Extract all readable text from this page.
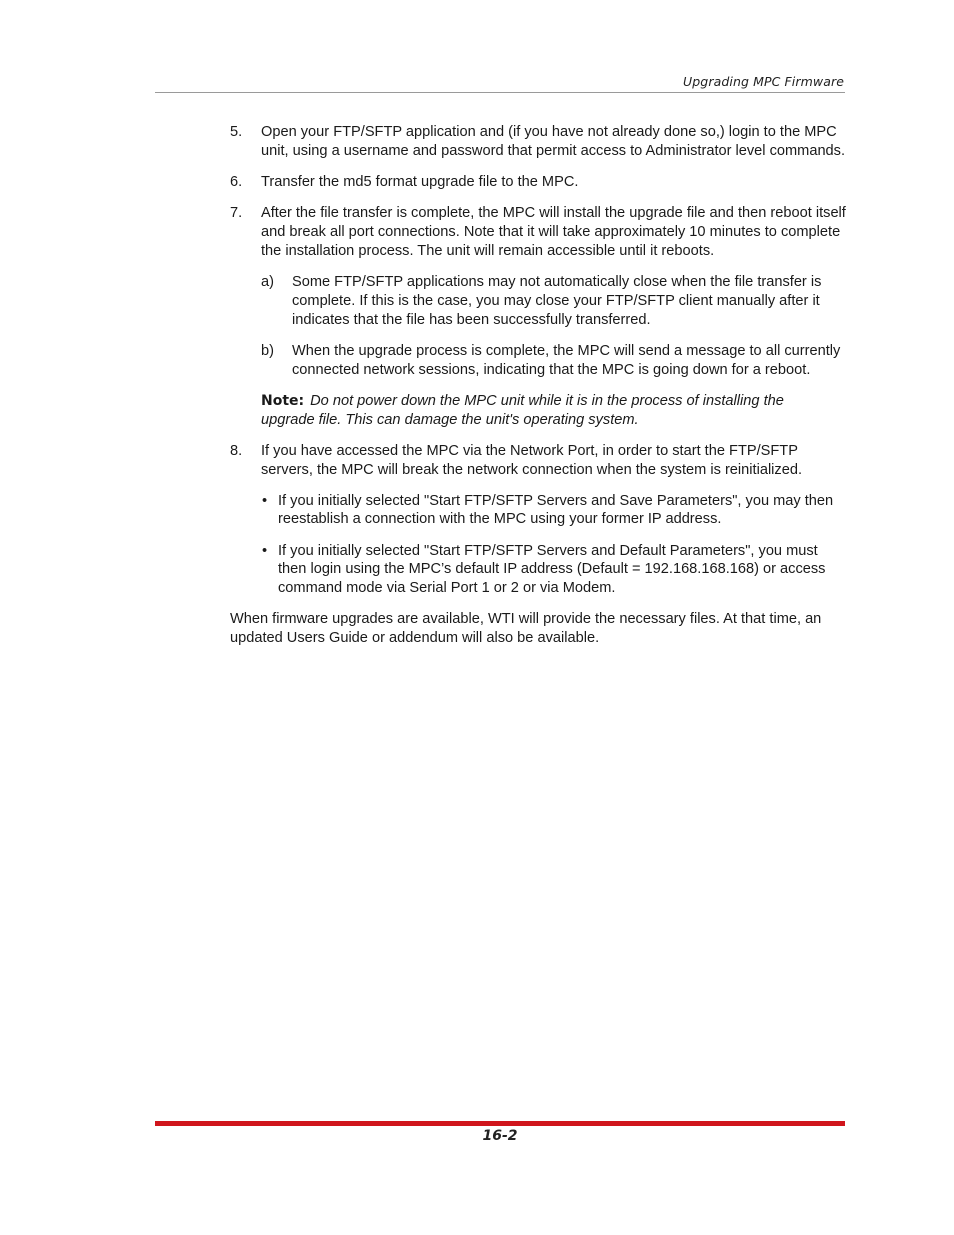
Upgrading MPC Firmware
5.	Open your FTP/SFTP application and (if you have not already done so,) login to the MPC unit, using a username and password that permit access to Administrator level commands.
6.	Transfer the md5 format upgrade file to the MPC.
7.	After the file transfer is complete, the MPC will install the upgrade file and then reboot itself and break all port connections. Note that it will take approximately 10 minutes to complete the installation process. The unit will remain accessible until it reboots.
a)	Some FTP/SFTP applications may not automatically close when the file transfer is complete. If this is the case, you may close your FTP/SFTP client manually after it indicates that the file has been successfully transferred.
b)	When the upgrade process is complete, the MPC will send a message to all currently connected network sessions, indicating that the MPC is going down for a reboot.
Note: Do not power down the MPC unit while it is in the process of installing the upgrade file. This can damage the unit's operating system.
8.	If you have accessed the MPC via the Network Port, in order to start the FTP/SFTP servers, the MPC will break the network connection when the system is reinitialized.
• If you initially selected "Start FTP/SFTP Servers and Save Parameters", you may then reestablish a connection with the MPC using your former IP address.
• If you initially selected "Start FTP/SFTP Servers and Default Parameters", you must then login using the MPC’s default IP address (Default = 192.168.168.168) or access command mode via Serial Port 1 or 2 or via Modem.

When firmware upgrades are available, WTI will provide the necessary files. At that time, an updated Users Guide or addendum will also be available.

16-2
